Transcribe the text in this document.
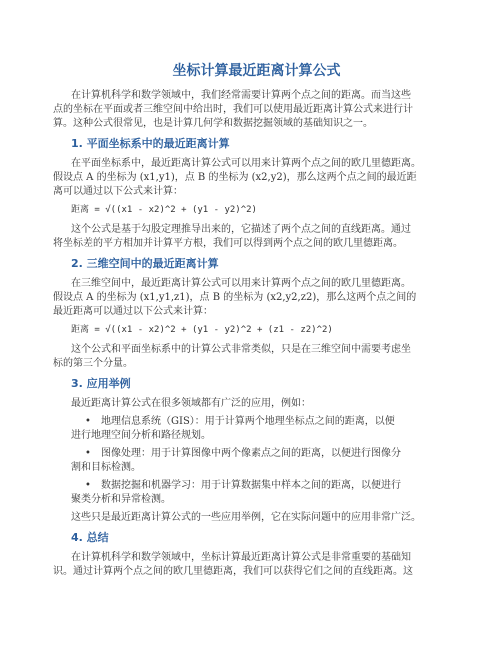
坐标计算最近距离计算公式
在计算机科学和数学领域中，我们经常需要计算两个点之间的距离。而当这些
点的坐标在平面或者三维空间中给出时，我们可以使用最近距离计算公式来进行计
算。这种公式很常见，也是计算几何学和数据挖掘领域的基础知识之一。
1. 平面坐标系中的最近距离计算
在平面坐标系中，最近距离计算公式可以用来计算两个点之间的欧几里德距离。
假设点 A 的坐标为 (x1,y1)，点 B 的坐标为 (x2,y2)，那么这两个点之间的最近距
离可以通过以下公式来计算：
距离 = √((x1 - x2)^2 + (y1 - y2)^2)
这个公式是基于勾股定理推导出来的，它描述了两个点之间的直线距离。通过
将坐标差的平方相加并计算平方根，我们可以得到两个点之间的欧几里德距离。
2. 三维空间中的最近距离计算
在三维空间中，最近距离计算公式可以用来计算两个点之间的欧几里德距离。
假设点 A 的坐标为 (x1,y1,z1)，点 B 的坐标为 (x2,y2,z2)，那么这两个点之间的
最近距离可以通过以下公式来计算：
距离 = √((x1 - x2)^2 + (y1 - y2)^2 + (z1 - z2)^2)
这个公式和平面坐标系中的计算公式非常类似，只是在三维空间中需要考虑坐
标的第三个分量。
3. 应用举例
最近距离计算公式在很多领域都有广泛的应用，例如：
• 地理信息系统（GIS）：用于计算两个地理坐标点之间的距离，以便
进行地理空间分析和路径规划。
• 图像处理：用于计算图像中两个像素点之间的距离，以便进行图像分
割和目标检测。
• 数据挖掘和机器学习：用于计算数据集中样本之间的距离，以便进行
聚类分析和异常检测。
这些只是最近距离计算公式的一些应用举例，它在实际问题中的应用非常广泛。
4. 总结
在计算机科学和数学领域中，坐标计算最近距离计算公式是非常重要的基础知
识。通过计算两个点之间的欧几里德距离，我们可以获得它们之间的直线距离。这
